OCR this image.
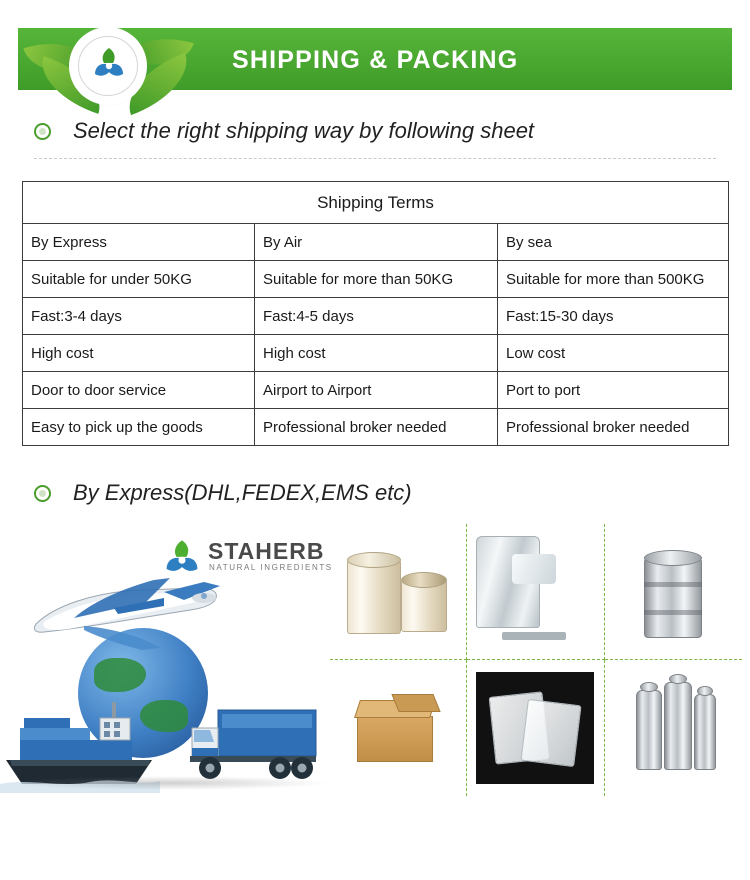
SHIPPING & PACKING
Select the right shipping way by following sheet
Shipping Terms		
By Express	By Air	By sea
Suitable for under 50KG	Suitable for more than 50KG	Suitable for more than 500KG
Fast:3-4 days	Fast:4-5 days	Fast:15-30 days
High cost	High cost	Low cost
Door to door service	Airport to Airport	Port to port
Easy to pick up the goods	Professional broker needed	Professional broker needed
By Express(DHL,FEDEX,EMS etc)
STAHERB
NATURAL INGREDIENTS
